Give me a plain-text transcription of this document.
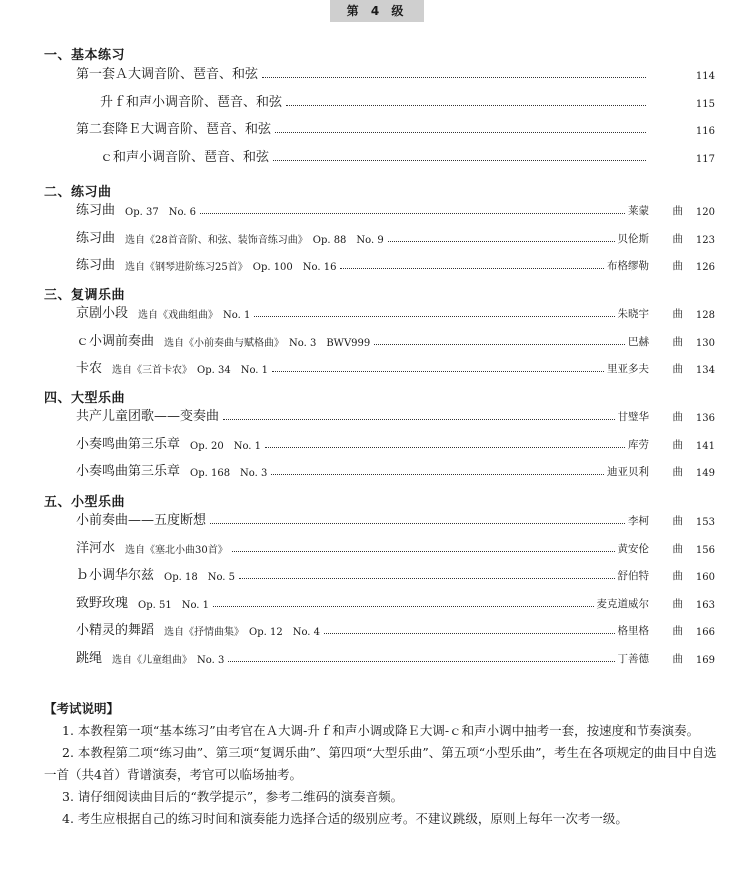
第 4 级
一、基本练习
第一套Ａ大调音阶、琶音、和弦	114
升ｆ和声小调音阶、琶音、和弦	115
第二套降Ｅ大调音阶、琶音、和弦	116
ｃ和声小调音阶、琶音、和弦	117
二、练习曲
练习曲 Op. 37　No. 6	莱蒙	曲	120
练习曲 选自《28首音阶、和弦、装饰音练习曲》　Op. 88　No. 9	贝伦斯	曲	123
练习曲 选自《钢琴进阶练习25首》　Op. 100　No. 16	布格缪勒	曲	126
三、复调乐曲
京剧小段 选自《戏曲组曲》　No. 1	朱晓宇	曲	128
ｃ小调前奏曲 选自《小前奏曲与赋格曲》　No. 3　BWV999	巴赫	曲	130
卡农 选自《三首卡农》　Op. 34　No. 1	里亚多夫	曲	134
四、大型乐曲
共产儿童团歌——变奏曲	甘璧华	曲	136
小奏鸣曲第三乐章 Op. 20　No. 1	库劳	曲	141
小奏鸣曲第三乐章 Op. 168　No. 3	迪亚贝利	曲	149
五、小型乐曲
小前奏曲——五度断想	李柯	曲	153
洋河水 选自《塞北小曲30首》	黄安伦	曲	156
ｂ小调华尔兹 Op. 18　No. 5	舒伯特	曲	160
致野玫瑰 Op. 51　No. 1	麦克道威尔	曲	163
小精灵的舞蹈 选自《抒情曲集》　Op. 12　No. 4	格里格	曲	166
跳绳 选自《儿童组曲》　No. 3	丁善德	曲	169
【考试说明】
1. 本教程第一项“基本练习”由考官在Ａ大调-升ｆ和声小调或降Ｅ大调-ｃ和声小调中抽考一套，按速度和节奏演奏。
2. 本教程第二项“练习曲”、第三项“复调乐曲”、第四项“大型乐曲”、第五项“小型乐曲”，考生在各项规定的曲目中自选一首（共4首）背谱演奏，考官可以临场抽考。
3. 请仔细阅读曲目后的“教学提示”，参考二维码的演奏音频。
4. 考生应根据自己的练习时间和演奏能力选择合适的级别应考。不建议跳级，原则上每年一次考一级。
